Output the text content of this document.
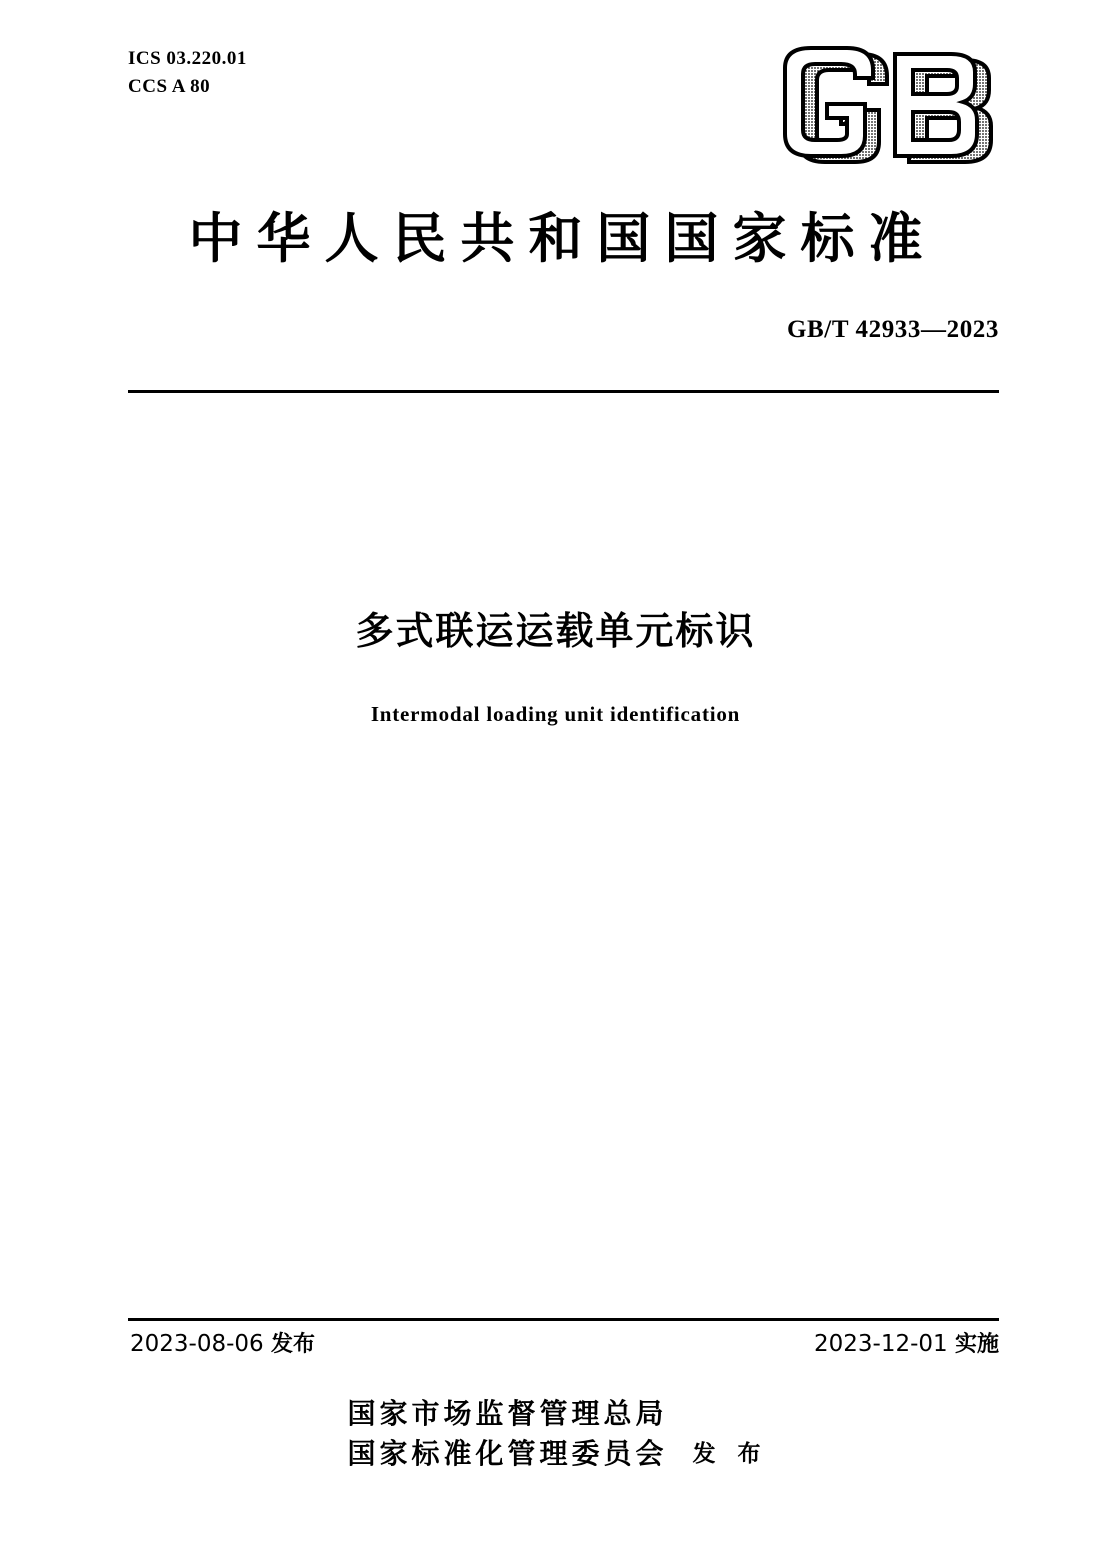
ICS 03.220.01
CCS A 80
中华人民共和国国家标准
GB/T 42933—2023
多式联运运载单元标识
Intermodal loading unit identification
2023-08-06 发布	2023-12-01 实施
国家市场监督管理总局
国家标准化管理委员会	发 布
